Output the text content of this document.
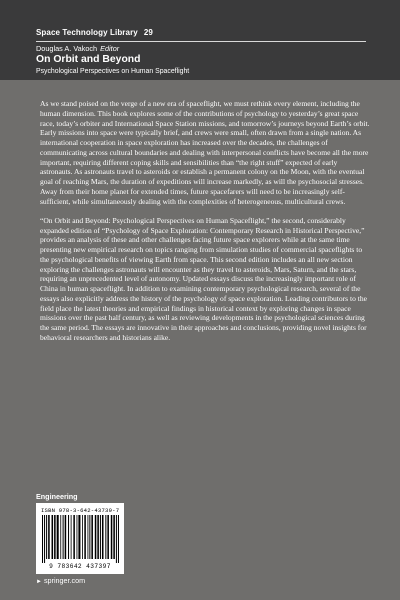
Space Technology Library 29
Douglas A. Vakoch Editor
On Orbit and Beyond
Psychological Perspectives on Human Spaceflight

As we stand poised on the verge of a new era of spaceflight, we must rethink every element, including the human dimension. This book explores some of the contributions of psychology to yesterday’s great space race, today’s orbiter and International Space Station missions, and tomorrow’s journeys beyond Earth’s orbit. Early missions into space were typically brief, and crews were small, often drawn from a single nation. As international cooperation in space exploration has increased over the decades, the challenges of communicating across cultural boundaries and dealing with interpersonal conflicts have become all the more important, requiring different coping skills and sensibilities than “the right stuff” expected of early astronauts. As astronauts travel to asteroids or establish a permanent colony on the Moon, with the eventual goal of reaching Mars, the duration of expeditions will increase markedly, as will the psychosocial stresses. Away from their home planet for extended times, future spacefarers will need to be increasingly self-sufficient, while simultaneously dealing with the complexities of heterogeneous, multicultural crews.

“On Orbit and Beyond: Psychological Perspectives on Human Spaceflight,” the second, considerably expanded edition of “Psychology of Space Exploration: Contemporary Research in Historical Perspective,” provides an analysis of these and other challenges facing future space explorers while at the same time presenting new empirical research on topics ranging from simulation studies of commercial spaceflights to the psychological benefits of viewing Earth from space. This second edition includes an all new section exploring the challenges astronauts will encounter as they travel to asteroids, Mars, Saturn, and the stars, requiring an unprecedented level of autonomy. Updated essays discuss the increasingly important role of China in human spaceflight. In addition to examining contemporary psychological research, several of the essays also explicitly address the history of the psychology of space exploration. Leading contributors to the field place the latest theories and empirical findings in historical context by exploring changes in space missions over the past half century, as well as reviewing developments in the psychological sciences during the same period. The essays are innovative in their approaches and conclusions, providing novel insights for behavioral researchers and historians alike.

Engineering
ISBN 978-3-642-43739-7
9 783642 437397
► springer.com
